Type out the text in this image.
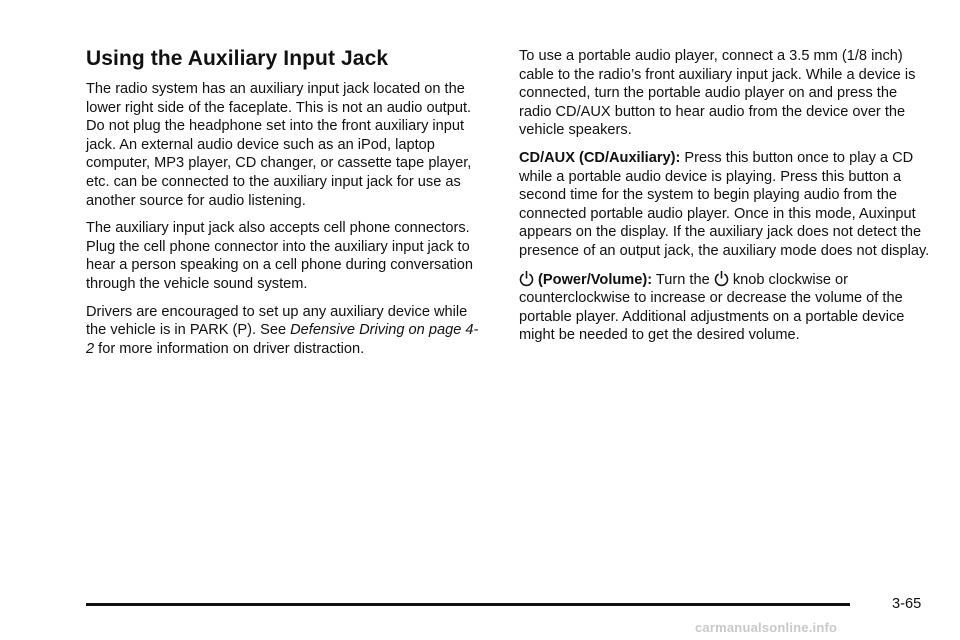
Using the Auxiliary Input Jack

The radio system has an auxiliary input jack located on the lower right side of the faceplate. This is not an audio output. Do not plug the headphone set into the front auxiliary input jack. An external audio device such as an iPod, laptop computer, MP3 player, CD changer, or cassette tape player, etc. can be connected to the auxiliary input jack for use as another source for audio listening.

The auxiliary input jack also accepts cell phone connectors. Plug the cell phone connector into the auxiliary input jack to hear a person speaking on a cell phone during conversation through the vehicle sound system.

Drivers are encouraged to set up any auxiliary device while the vehicle is in PARK (P). See Defensive Driving on page 4-2 for more information on driver distraction.

To use a portable audio player, connect a 3.5 mm (1/8 inch) cable to the radio’s front auxiliary input jack. While a device is connected, turn the portable audio player on and press the radio CD/AUX button to hear audio from the device over the vehicle speakers.

CD/AUX (CD/Auxiliary): Press this button once to play a CD while a portable audio device is playing. Press this button a second time for the system to begin playing audio from the connected portable audio player. Once in this mode, Auxinput appears on the display. If the auxiliary jack does not detect the presence of an output jack, the auxiliary mode does not display.

(Power/Volume): Turn the
knob clockwise or counterclockwise to increase or decrease the volume of the portable player. Additional adjustments on a portable device might be needed to get the desired volume.

3-65
carmanualsonline.info
